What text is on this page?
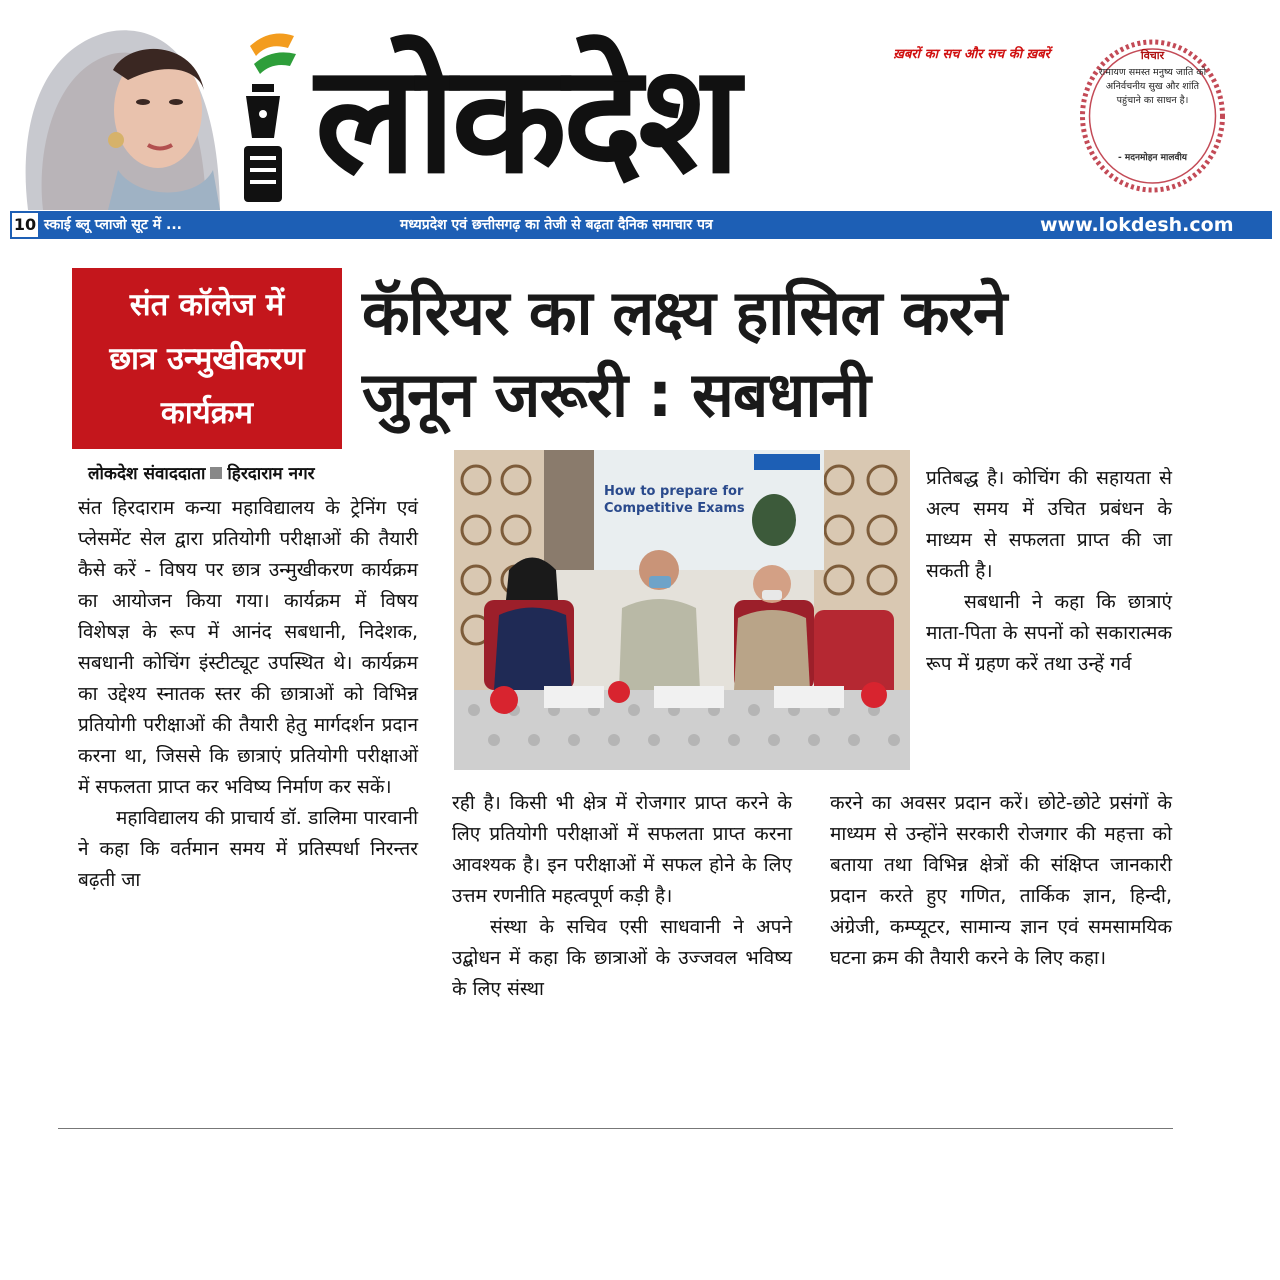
लोकदेश	ख़बरों का सच और सच की ख़बरें	विचार
रामायण समस्त मनुष्य जाति को अनिर्वचनीय सुख और शांति पहुंचाने का साधन है।
- मदनमोहन मालवीय
10 स्काई ब्लू प्लाजो सूट में ...	मध्यप्रदेश एवं छत्तीसगढ़ का तेजी से बढ़ता दैनिक समाचार पत्र	www.lokdesh.com
संत कॉलेज में
छात्र उन्मुखीकरण
कार्यक्रम
कॅरियर का लक्ष्य हासिल करने
जुनून जरूरी : सबधानी
लोकदेश संवाददाता हिरदाराम नगर

संत हिरदाराम कन्या महाविद्यालय के ट्रेनिंग एवं प्लेसमेंट सेल द्वारा प्रतियोगी परीक्षाओं की तैयारी कैसे करें - विषय पर छात्र उन्मुखीकरण कार्यक्रम का आयोजन किया गया। कार्यक्रम में विषय विशेषज्ञ के रूप में आनंद सबधानी, निदेशक, सबधानी कोचिंग इंस्टीट्यूट उपस्थित थे। कार्यक्रम का उद्देश्य स्नातक स्तर की छात्राओं को विभिन्न प्रतियोगी परीक्षाओं की तैयारी हेतु मार्गदर्शन प्रदान करना था, जिससे कि छात्राएं प्रतियोगी परीक्षाओं में सफलता प्राप्त कर भविष्य निर्माण कर सकें।

महाविद्यालय की प्राचार्य डॉ. डालिमा पारवानी ने कहा कि वर्तमान समय में प्रतिस्पर्धा निरन्तर बढ़ती जा

रही है। किसी भी क्षेत्र में रोजगार प्राप्त करने के लिए प्रतियोगी परीक्षाओं में सफलता प्राप्त करना आवश्यक है। इन परीक्षाओं में सफल होने के लिए उत्तम रणनीति महत्वपूर्ण कड़ी है।

संस्था के सचिव एसी साधवानी ने अपने उद्बोधन में कहा कि छात्राओं के उज्जवल भविष्य के लिए संस्था

प्रतिबद्ध है। कोचिंग की सहायता से अल्प समय में उचित प्रबंधन के माध्यम से सफलता प्राप्त की जा सकती है।

सबधानी ने कहा कि छात्राएं माता-पिता के सपनों को सकारात्मक रूप में ग्रहण करें तथा उन्हें गर्व

करने का अवसर प्रदान करें। छोटे-छोटे प्रसंगों के माध्यम से उन्होंने सरकारी रोजगार की महत्ता को बताया तथा विभिन्न क्षेत्रों की संक्षिप्त जानकारी प्रदान करते हुए गणित, तार्किक ज्ञान, हिन्दी, अंग्रेजी, कम्प्यूटर, सामान्य ज्ञान एवं समसामयिक घटना क्रम की तैयारी करने के लिए कहा।

How to prepare for
Competitive Exams
